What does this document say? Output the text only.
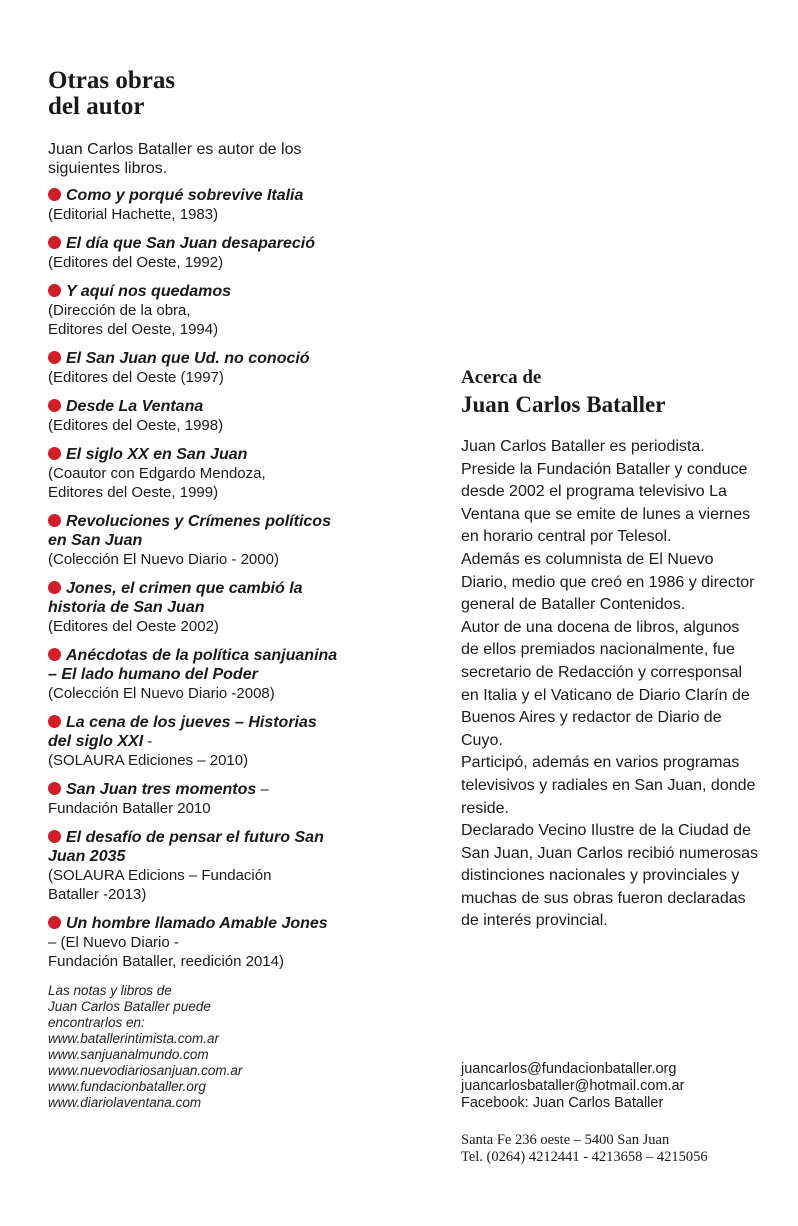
Otras obras
del autor

Juan Carlos Bataller es autor de los siguientes libros.

Como y porqué sobrevive Italia
(Editorial Hachette, 1983)
El día que San Juan desapareció
(Editores del Oeste, 1992)
Y aquí nos quedamos
(Dirección de la obra,
Editores del Oeste, 1994)
El San Juan que Ud. no conoció
(Editores del Oeste (1997)
Desde La Ventana
(Editores del Oeste, 1998)
El siglo XX en San Juan
(Coautor con Edgardo Mendoza,
Editores del Oeste, 1999)
Revoluciones y Crímenes políticos en San Juan
(Colección El Nuevo Diario - 2000)
Jones, el crimen que cambió la historia de San Juan
(Editores del Oeste 2002)
Anécdotas de la política sanjuanina – El lado humano del Poder
(Colección El Nuevo Diario -2008)
La cena de los jueves – Historias del siglo XXI -
(SOLAURA Ediciones – 2010)
San Juan tres momentos –
Fundación Bataller 2010
El desafío de pensar el futuro San Juan 2035
(SOLAURA Edicions – Fundación
Bataller -2013)
Un hombre llamado Amable Jones – (El Nuevo Diario -
Fundación Bataller, reedición 2014)
Las notas y libros de
Juan Carlos Bataller puede
encontrarlos en:
www.batallerintimista.com.ar
www.sanjuanalmundo.com
www.nuevodiariosanjuan.com.ar
www.fundacionbataller.org
www.diariolaventana.com
Acerca de
Juan Carlos Bataller

Juan Carlos Bataller es periodista. Preside la Fundación Bataller y conduce desde 2002 el programa televisivo La Ventana que se emite de lunes a viernes en horario central por Telesol.

Además es columnista de El Nuevo Diario, medio que creó en 1986 y director general de Bataller Contenidos.

Autor de una docena de libros, algunos de ellos premiados nacionalmente, fue secretario de Redacción y corresponsal en Italia y el Vaticano de Diario Clarín de Buenos Aires y redactor de Diario de Cuyo.

Participó, además en varios programas televisivos y radiales en San Juan, donde reside.

Declarado Vecino Ilustre de la Ciudad de San Juan, Juan Carlos recibió numerosas distinciones nacionales y provinciales y muchas de sus obras fueron declaradas de interés provincial.

juancarlos@fundacionbataller.org
juancarlosbataller@hotmail.com.ar
Facebook: Juan Carlos Bataller
Santa Fe 236 oeste – 5400 San Juan
Tel. (0264) 4212441 - 4213658 – 4215056
